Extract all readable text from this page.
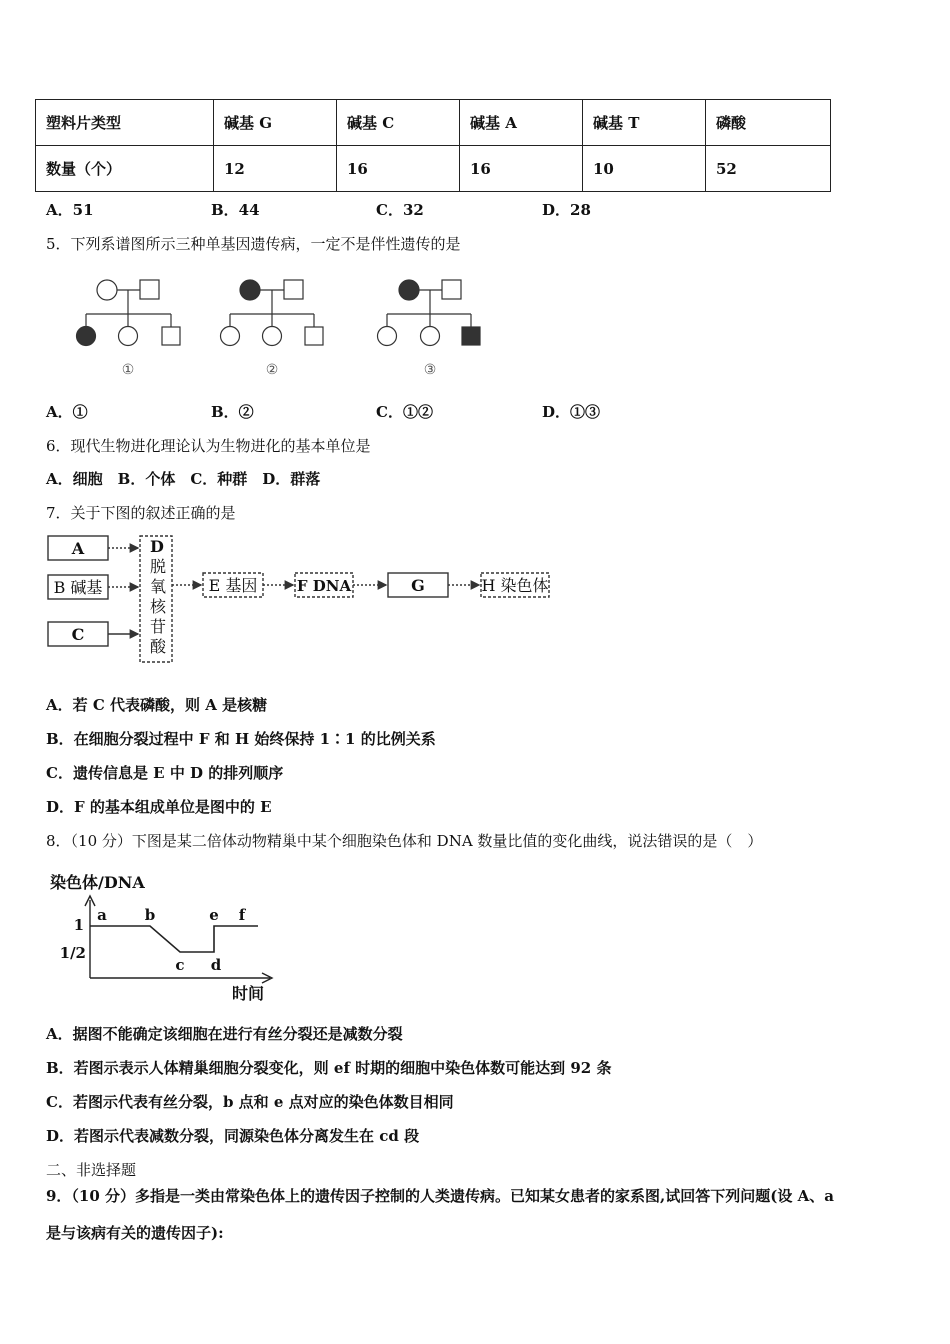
塑料片类型	碱基 G	碱基 C	碱基 A	碱基 T	磷酸
数量（个）	12	16	16	10	52
A．51	B．44	C．32	D．28
5．下列系谱图所示三种单基因遗传病，一定不是伴性遗传的是
①	②	③
A．①	B．②	C．①②	D．①③
6．现代生物进化理论认为生物进化的基本单位是
A．细胞　B．个体　C．种群　D．群落
7．关于下图的叙述正确的是
A
B 碱基
C
D
脱
氧
核
苷
酸
E 基因	F DNA	G	H 染色体
A．若 C 代表磷酸，则 A 是核糖
B．在细胞分裂过程中 F 和 H 始终保持 1∶1 的比例关系
C．遗传信息是 E 中 D 的排列顺序
D．F 的基本组成单位是图中的 E
8．（10 分）下图是某二倍体动物精巢中某个细胞染色体和 DNA 数量比值的变化曲线，说法错误的是（　）
染色体/DNA
1
1/2
时间
a	b
c d
e f
A．据图不能确定该细胞在进行有丝分裂还是减数分裂
B．若图示表示人体精巢细胞分裂变化，则 ef 时期的细胞中染色体数可能达到 92 条
C．若图示代表有丝分裂，b 点和 e 点对应的染色体数目相同
D．若图示代表减数分裂，同源染色体分离发生在 cd 段
二、非选择题
9．（10 分）多指是一类由常染色体上的遗传因子控制的人类遗传病。已知某女患者的家系图,试回答下列问题(设 A、a
是与该病有关的遗传因子):
